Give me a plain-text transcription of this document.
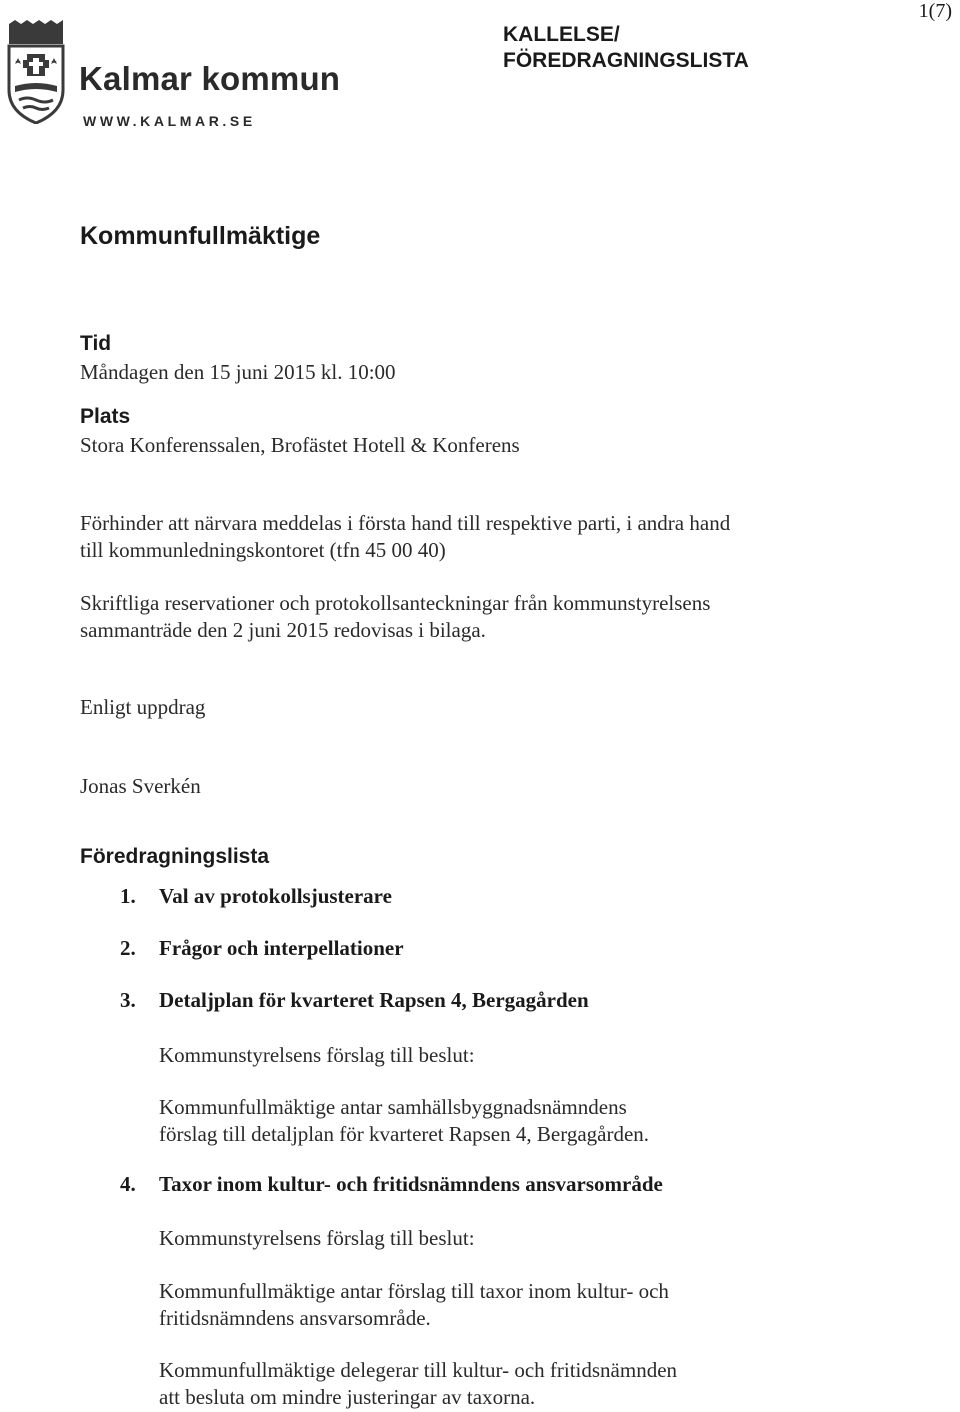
1(7)
Kalmar kommun
WWW.KALMAR.SE
KALLELSE/
FÖREDRAGNINGSLISTA
Kommunfullmäktige
Tid
Måndagen den 15 juni 2015 kl. 10:00
Plats
Stora Konferenssalen, Brofästet Hotell & Konferens
Förhinder att närvara meddelas i första hand till respektive parti, i andra hand
till kommunledningskontoret (tfn 45 00 40)
Skriftliga reservationer och protokollsanteckningar från kommunstyrelsens
sammanträde den 2 juni 2015 redovisas i bilaga.
Enligt uppdrag
Jonas Sverkén
Föredragningslista
1. Val av protokollsjusterare
2. Frågor och interpellationer
3. Detaljplan för kvarteret Rapsen 4, Bergagården
Kommunstyrelsens förslag till beslut:
Kommunfullmäktige antar samhällsbyggnadsnämndens
förslag till detaljplan för kvarteret Rapsen 4, Bergagården.
4. Taxor inom kultur- och fritidsnämndens ansvarsområde
Kommunstyrelsens förslag till beslut:
Kommunfullmäktige antar förslag till taxor inom kultur- och
fritidsnämndens ansvarsområde.
Kommunfullmäktige delegerar till kultur- och fritidsnämnden
att besluta om mindre justeringar av taxorna.
